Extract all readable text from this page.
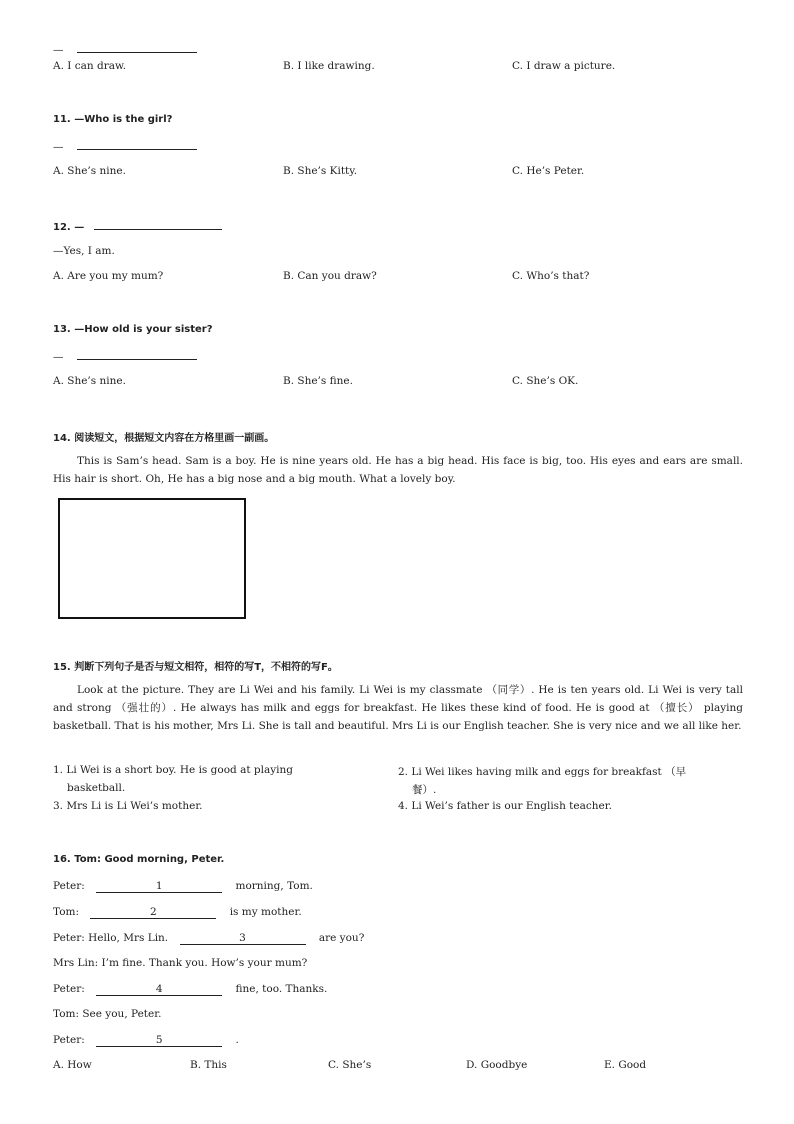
—
A. I can draw.	B. I like drawing.	C. I draw a picture.
11. —Who is the girl?
—
A. She’s nine.	B. She’s Kitty.	C. He’s Peter.
12. —
—Yes, I am.
A. Are you my mum?	B. Can you draw?	C. Who’s that?
13. —How old is your sister?
—
A. She’s nine.	B. She’s fine.	C. She’s OK.
14. 阅读短文，根据短文内容在方格里画一副画。
This is Sam’s head. Sam is a boy. He is nine years old. He has a big head. His face is big, too. His eyes and ears are small. His hair is short. Oh, He has a big nose and a big mouth. What a lovely boy.
15. 判断下列句子是否与短文相符，相符的写T，不相符的写F。
Look at the picture. They are Li Wei and his family. Li Wei is my classmate （同学）. He is ten years old. Li Wei is very tall and strong （强壮的）. He always has milk and eggs for breakfast. He likes these kind of food. He is good at （擅长） playing basketball. That is his mother, Mrs Li. She is tall and beautiful. Mrs Li is our English teacher. She is very nice and we all like her.
1. Li Wei is a short boy. He is good at playing
basketball.
2. Li Wei likes having milk and eggs for breakfast （早
餐）.
3. Mrs Li is Li Wei’s mother.	4. Li Wei’s father is our English teacher.
16. Tom: Good morning, Peter.
Peter:	1	morning, Tom.
Tom:	2	is my mother.
Peter: Hello, Mrs Lin.	3	are you?
Mrs Lin: I’m fine. Thank you. How’s your mum?
Peter:	4	fine, too. Thanks.
Tom: See you, Peter.
Peter:	5	.
A. How	B. This	C. She’s	D. Goodbye	E. Good
